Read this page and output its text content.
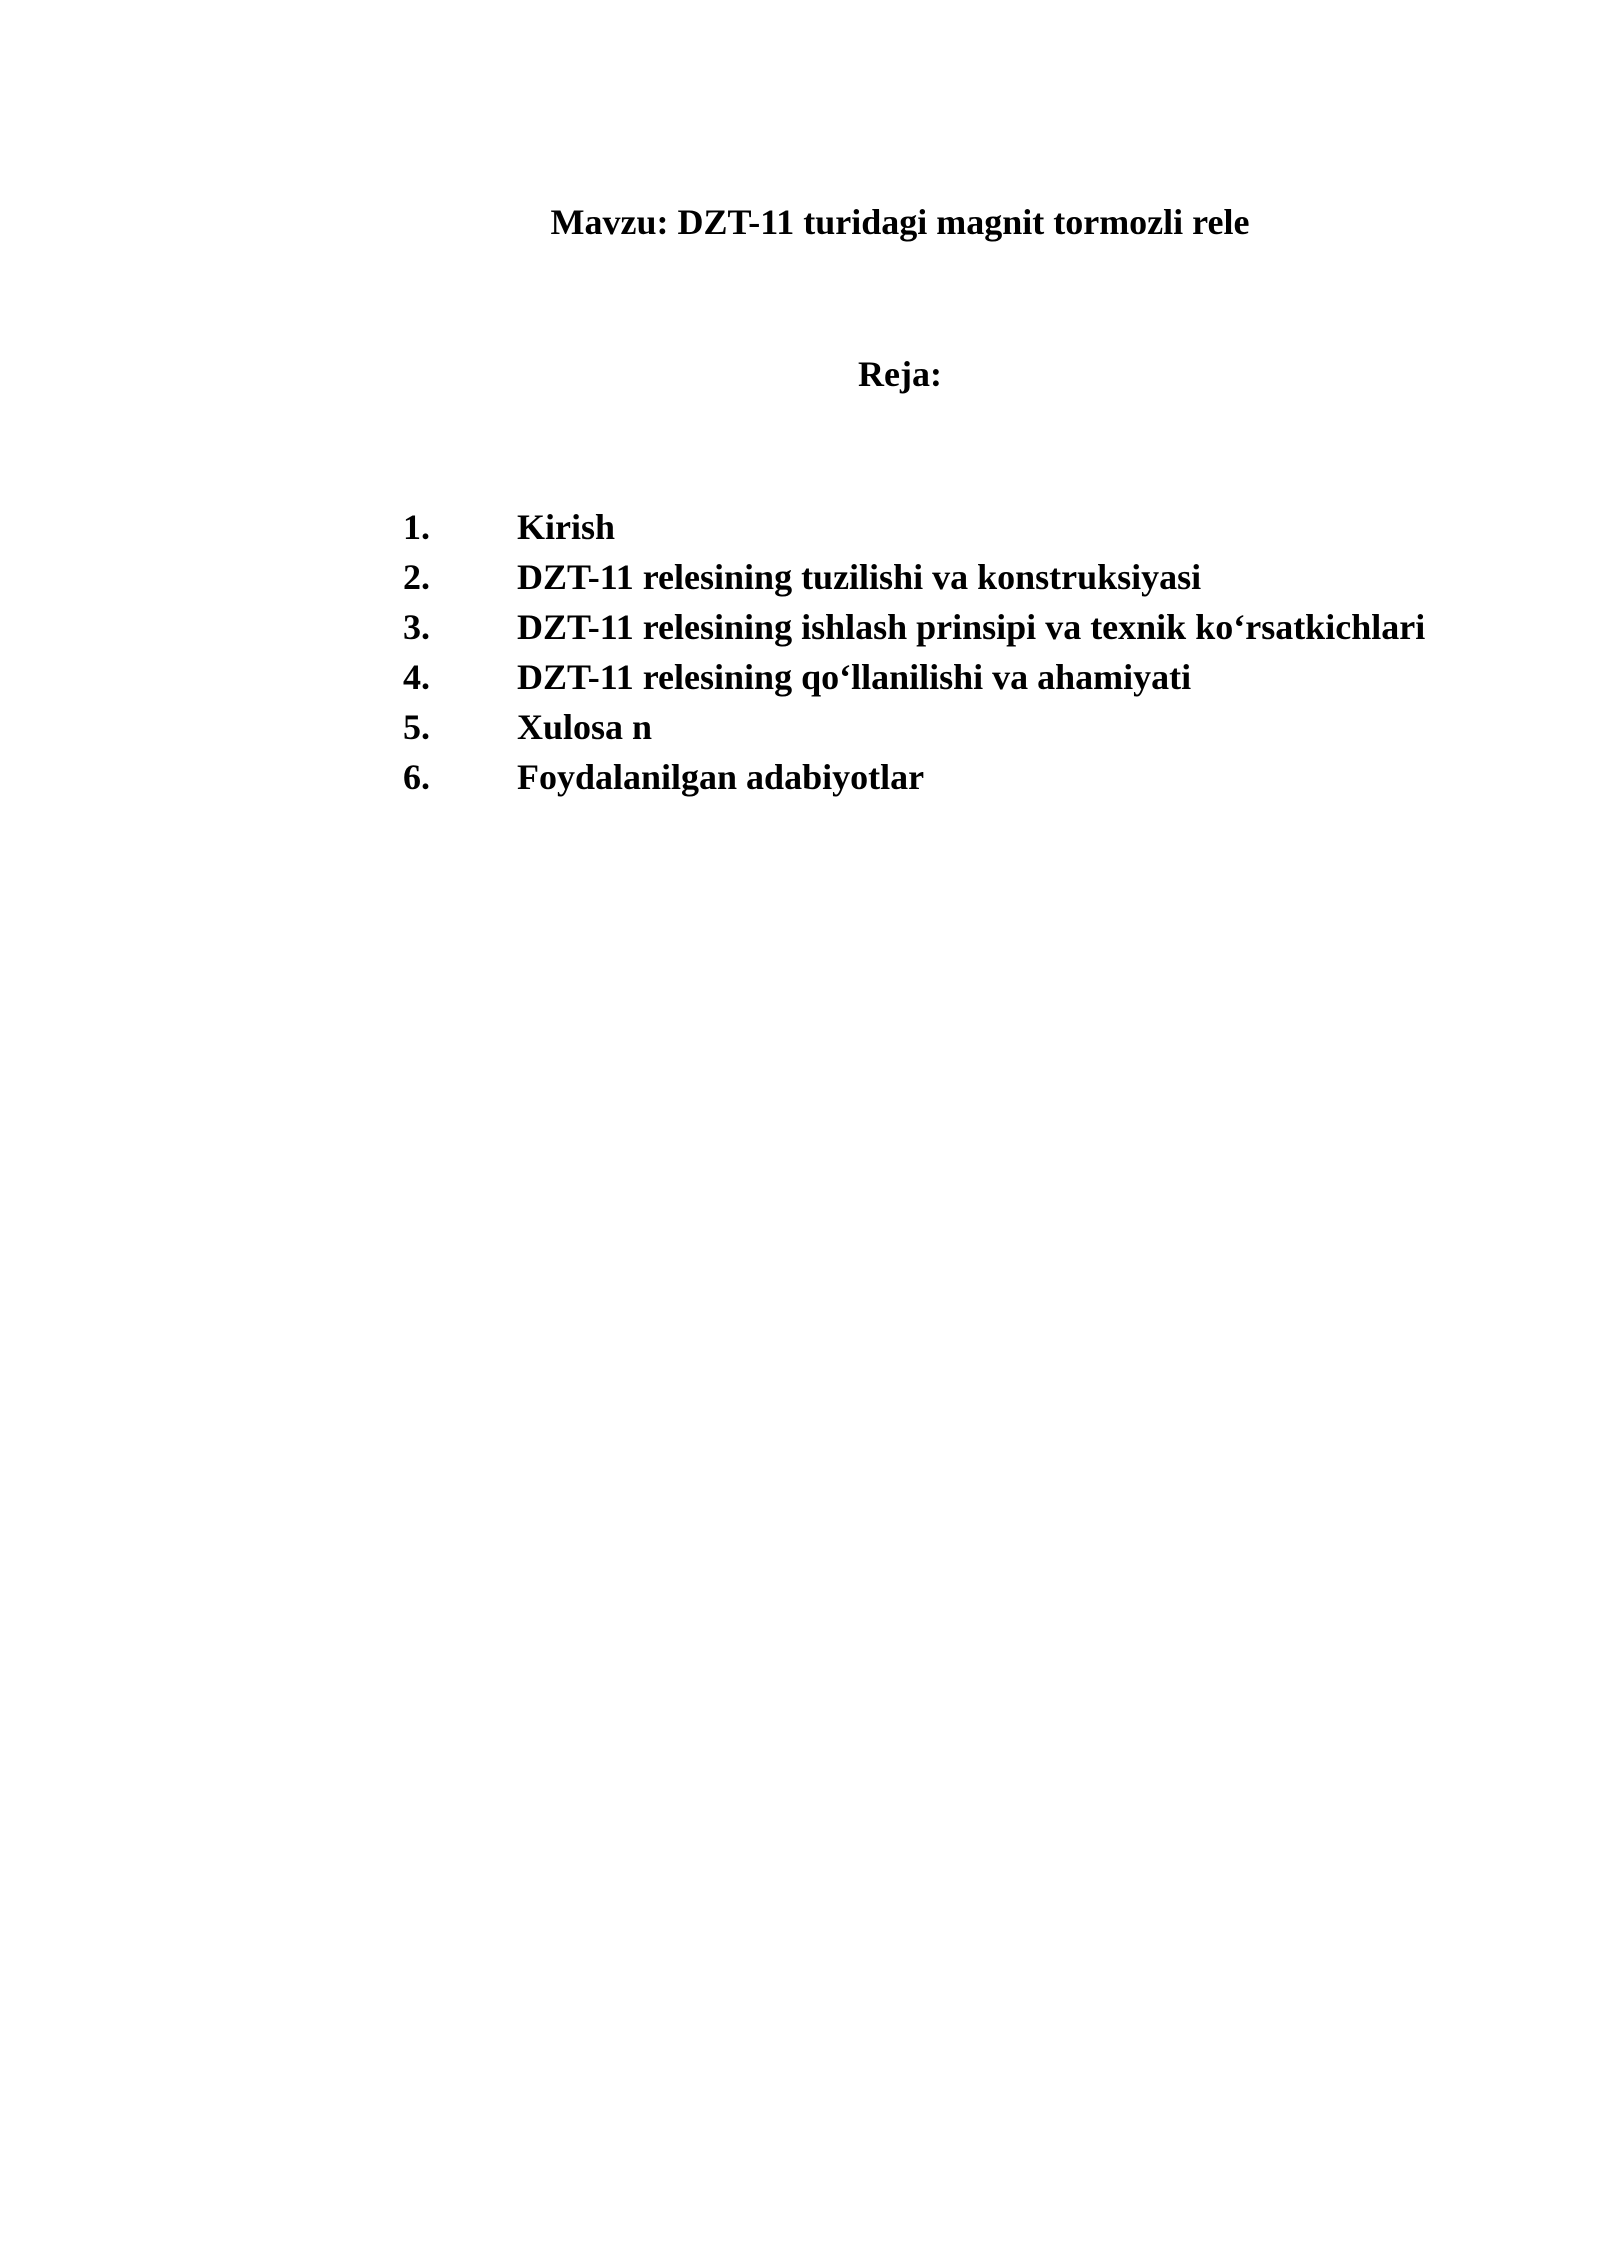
Mavzu: DZT-11 turidagi magnit tormozli rele
Reja:
1.	Kirish
2.	DZT-11 relesining tuzilishi va konstruksiyasi
3.	DZT-11 relesining ishlash prinsipi va texnik ko‘rsatkichlari
4.	DZT-11 relesining qo‘llanilishi va ahamiyati
5.	Xulosa n
6.	Foydalanilgan adabiyotlar
